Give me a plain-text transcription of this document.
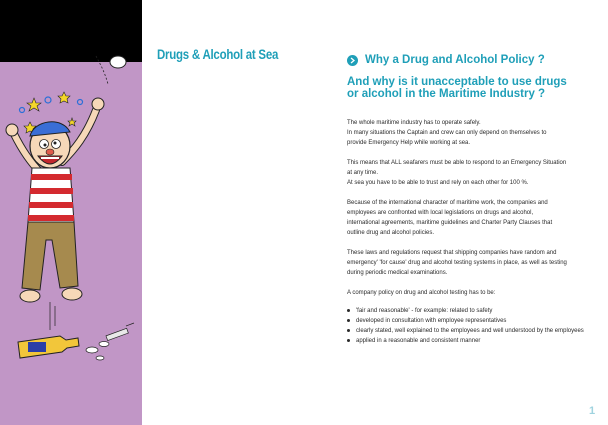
Drugs & Alcohol at Sea	Why a Drug and Alcohol Policy ?
And why is it unacceptable to use drugs or alcohol in the Maritime Industry ?

The whole maritime industry has to operate safely.
In many situations the Captain and crew can only depend on themselves to
provide Emergency Help while working at sea.

This means that ALL seafarers must be able to respond to an Emergency Situation
at any time.
At sea you have to be able to trust and rely on each other for 100 %.

Because of the international character of maritime work, the companies and
employees are confronted with local legislations on drugs and alcohol,
international agreements, maritime guidelines and Charter Party Clauses that
outline drug and alcohol policies.

These laws and regulations request that shipping companies have random and
emergency' 'for cause' drug and alcohol testing systems in place, as well as testing
during periodic medical examinations.

A company policy on drug and alcohol testing has to be:

'fair and reasonable' - for example: related to safety
developed in consultation with employee representatives
clearly stated, well explained to the employees and well understood by the employees
applied in a reasonable and consistent manner
1
